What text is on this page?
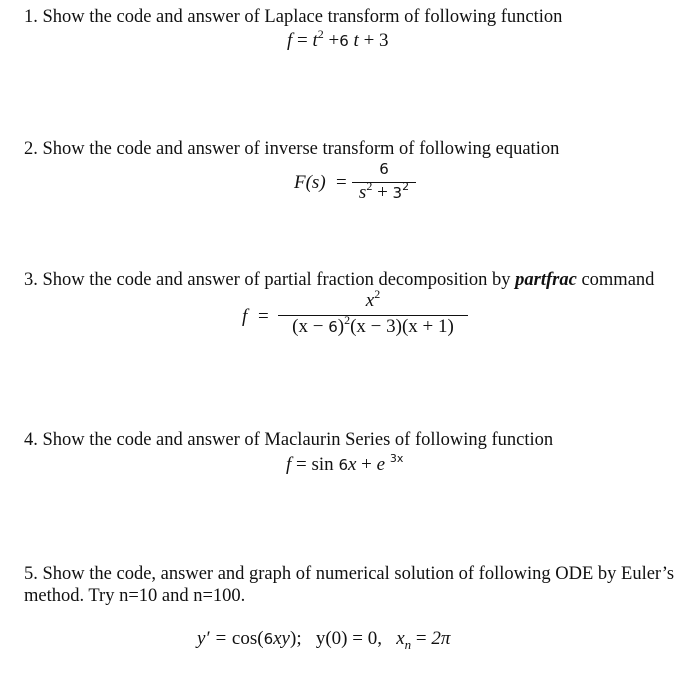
1. Show the code and answer of Laplace transform of following function
$f = t^2 +6$ t + 3
2. Show the code and answer of inverse transform of following equation
F(s) =
6
$s^2 + 3^2$
3. Show the code and answer of partial fraction decomposition by partfrac command
f =
$x^2$
$(x - 6)^2(x - 3)(x + 1)$
4. Show the code and answer of Maclaurin Series of following function
f = sin 6x + e $^{3x}$
5. Show the code, answer and graph of numerical solution of following ODE by Euler’s method. Try n=10 and n=100.
y′ = cos(6xy); y(0) = 0, $x_n = 2\pi$
